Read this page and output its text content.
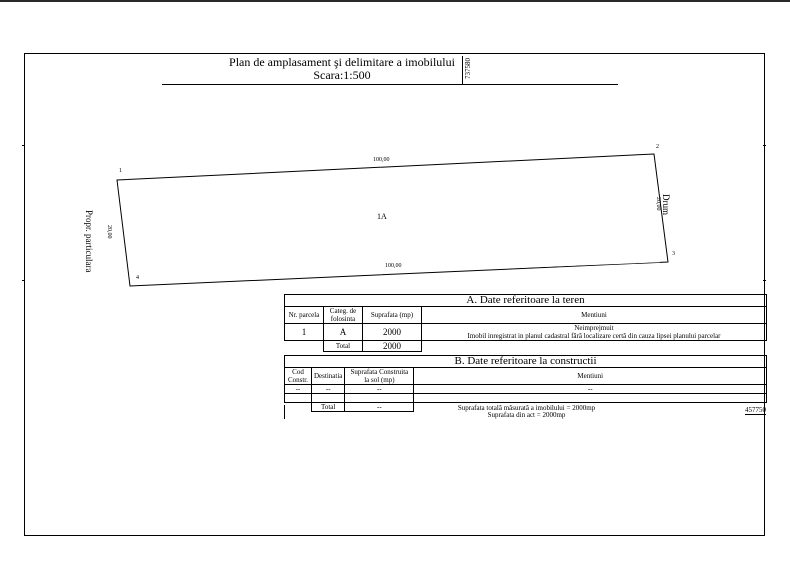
Plan de amplasament şi delimitare a imobilului
Scara:1:500	737580
1
2
3
4
100,00
100,00
20,00
20,00
1A
Drum
Propr. particulara
A. Date referitoare la teren			
Nr. parcela	Categ. de folosinta	Suprafata (mp)	Mentiuni
1	A	2000	Neimprejmuit
Imobil inregistrat in planul cadastral fără localizare certă din cauza lipsei planului parcelar

	Total	2000	
B. Date referitoare la constructii			
Cod Constr.	Destinatia	Suprafata Construita la sol (mp)	Mentiuni
--	--	--	--

	Total	--		Suprafata totală măsurată a imobilului = 2000mp
Suprafata din act = 2000mp
457750
